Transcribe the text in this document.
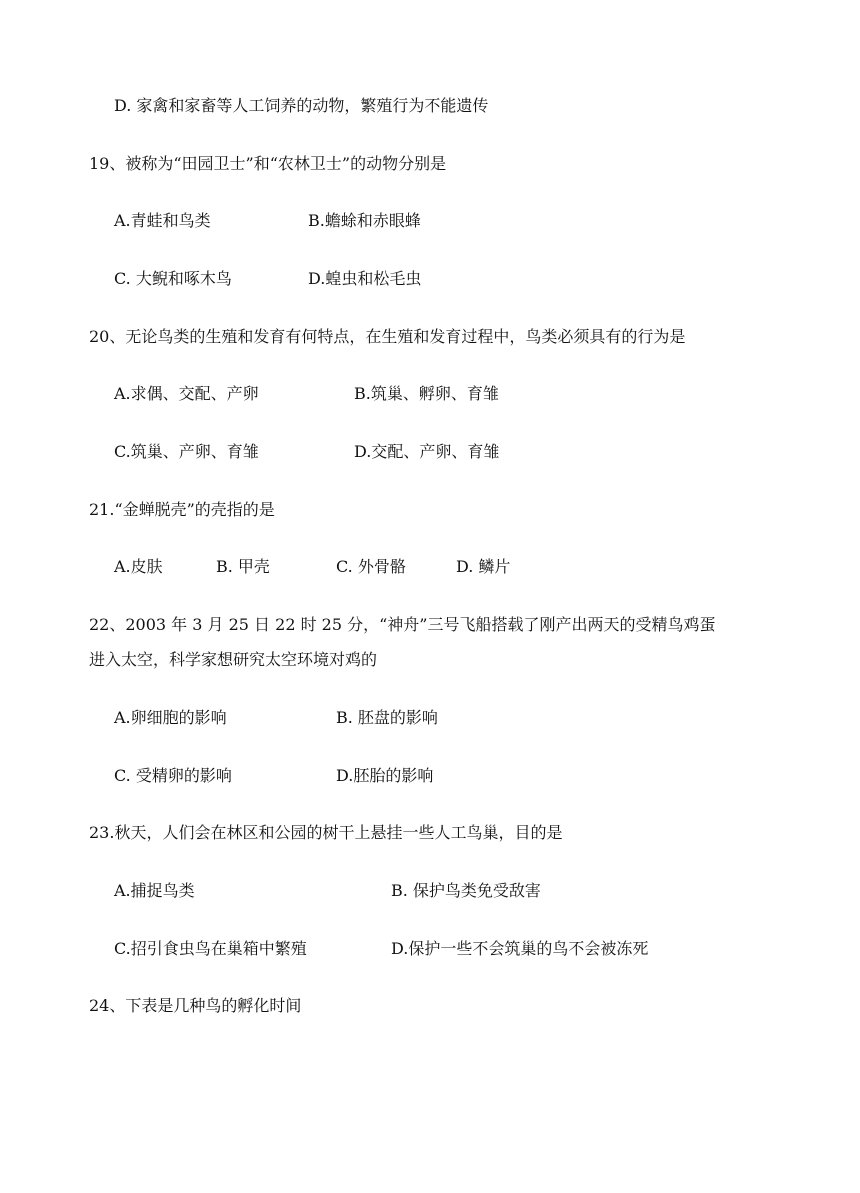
D. 家禽和家畜等人工饲养的动物，繁殖行为不能遗传
19、被称为“田园卫士”和“农林卫士”的动物分别是
A.青蛙和鸟类	B.蟾蜍和赤眼蜂
C. 大鲵和啄木鸟	D.蝗虫和松毛虫
20、无论鸟类的生殖和发育有何特点，在生殖和发育过程中，鸟类必须具有的行为是
A.求偶、交配、产卵	B.筑巢、孵卵、育雏
C.筑巢、产卵、育雏	D.交配、产卵、育雏
21.“金蝉脱壳”的壳指的是
A.皮肤	B. 甲壳	C. 外骨骼	D. 鳞片
22、2003 年 3 月 25 日 22 时 25 分，“神舟”三号飞船搭载了刚产出两天的受精鸟鸡蛋
进入太空，科学家想研究太空环境对鸡的
A.卵细胞的影响	B. 胚盘的影响
C. 受精卵的影响	D.胚胎的影响
23.秋天，人们会在林区和公园的树干上悬挂一些人工鸟巢，目的是
A.捕捉鸟类	B. 保护鸟类免受敌害
C.招引食虫鸟在巢箱中繁殖	D.保护一些不会筑巢的鸟不会被冻死
24、下表是几种鸟的孵化时间
